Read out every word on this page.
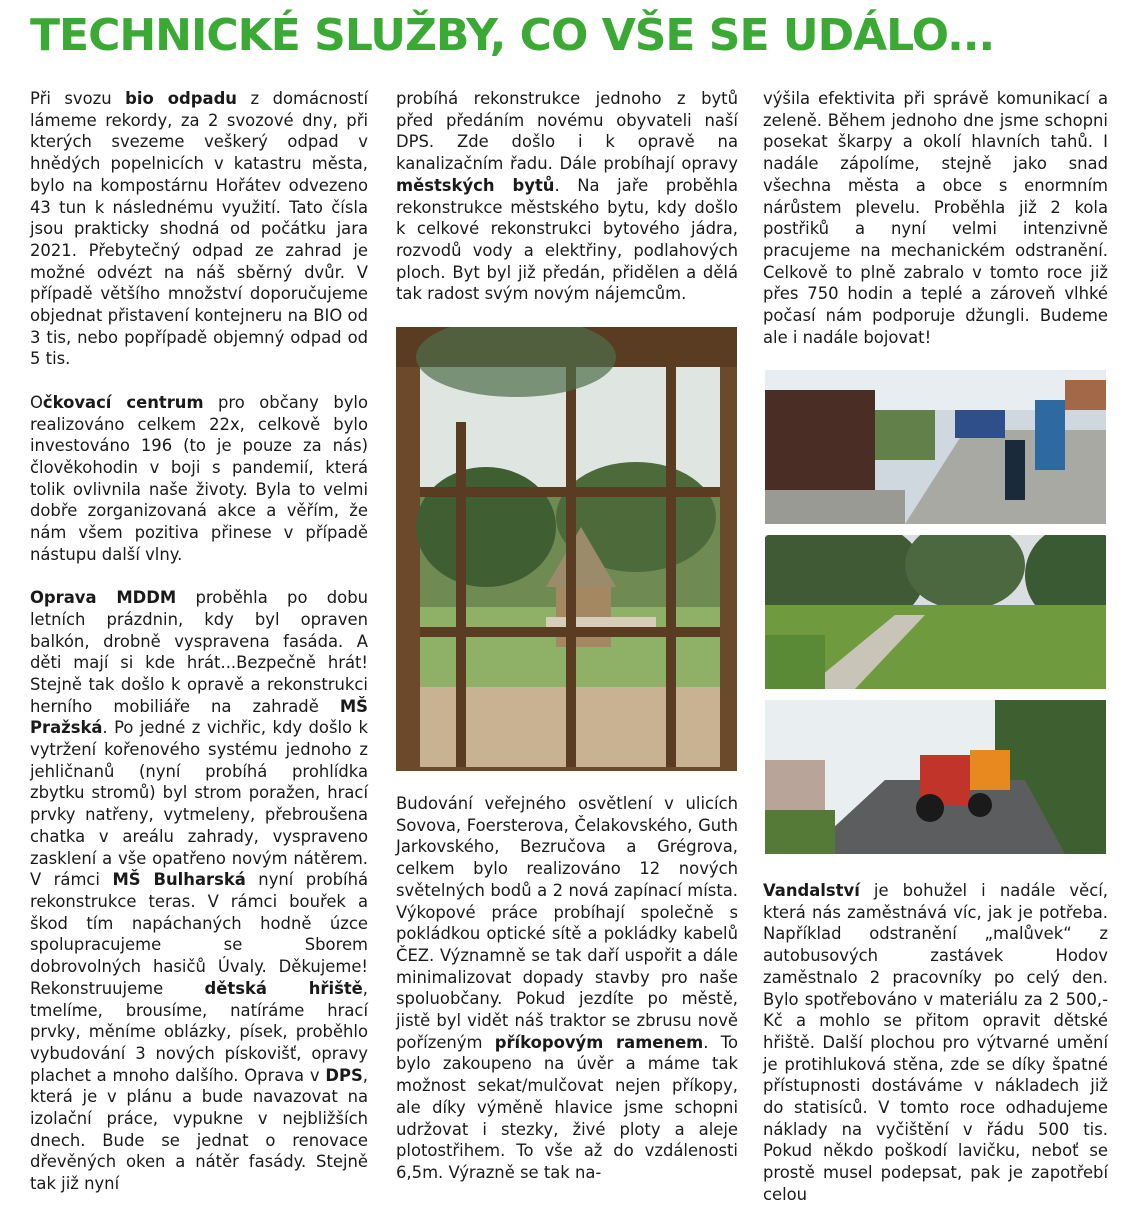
TECHNICKÉ SLUŽBY, CO VŠE SE UDÁLO...

Při svozu bio odpadu z domácností lámeme rekordy, za 2 svozové dny, při kterých svezeme veškerý odpad v hnědých popelnicích v katastru města, bylo na kompostárnu Hořátev odvezeno 43 tun k následnému využití. Tato čísla jsou prakticky shodná od počátku jara 2021. Přebytečný odpad ze zahrad je možné odvézt na náš sběrný dvůr. V případě většího množství doporučujeme objednat přistavení kontejneru na BIO od 3 tis, nebo popřípadě objemný odpad od 5 tis.

Očkovací centrum pro občany bylo realizováno celkem 22x, celkově bylo investováno 196 (to je pouze za nás) člověkohodin v boji s pandemií, která tolik ovlivnila naše životy. Byla to velmi dobře zorganizovaná akce a věřím, že nám všem pozitiva přinese v případě nástupu další vlny.

Oprava MDDM proběhla po dobu letních prázdnin, kdy byl opraven balkón, drobně vyspravena fasáda. A děti mají si kde hrát...Bezpečně hrát! Stejně tak došlo k opravě a rekonstrukci herního mobiliáře na zahradě MŠ Pražská. Po jedné z vichřic, kdy došlo k vytržení kořenového systému jednoho z jehličnanů (nyní probíhá prohlídka zbytku stromů) byl strom poražen, hrací prvky natřeny, vytmeleny, přebroušena chatka v areálu zahrady, vyspraveno zasklení a vše opatřeno novým nátěrem. V rámci MŠ Bulharská nyní probíhá rekonstrukce teras. V rámci bouřek a škod tím napáchaných hodně úzce spolupracujeme se Sborem dobrovolných hasičů Úvaly. Děkujeme! Rekonstruujeme dětská hřiště, tmelíme, brousíme, natíráme hrací prvky, měníme oblázky, písek, proběhlo vybudování 3 nových pískovišť, opravy plachet a mnoho dalšího. Oprava v DPS, která je v plánu a bude navazovat na izolační práce, vypukne v nejbližších dnech. Bude se jednat o renovace dřevěných oken a nátěr fasády. Stejně tak již nyní

probíhá rekonstrukce jednoho z bytů před předáním novému obyvateli naší DPS. Zde došlo i k opravě na kanalizačním řadu. Dále probíhají opravy městských bytů. Na jaře proběhla rekonstrukce městského bytu, kdy došlo k celkové rekonstrukci bytového jádra, rozvodů vody a elektřiny, podlahových ploch. Byt byl již předán, přidělen a dělá tak radost svým novým nájemcům.

Budování veřejného osvětlení v ulicích Sovova, Foersterova, Čelakovského, Guth Jarkovského, Bezručova a Grégrova, celkem bylo realizováno 12 nových světelných bodů a 2 nová zapínací místa. Výkopové práce probíhají společně s pokládkou optické sítě a pokládky kabelů ČEZ. Významně se tak daří uspořit a dále minimalizovat dopady stavby pro naše spoluobčany. Pokud jezdíte po městě, jistě byl vidět náš traktor se zbrusu nově pořízeným příkopovým ramenem. To bylo zakoupeno na úvěr a máme tak možnost sekat/mulčovat nejen příkopy, ale díky výměně hlavice jsme schopni udržovat i stezky, živé ploty a aleje plotostřihem. To vše až do vzdálenosti 6,5m. Výrazně se tak na-

výšila efektivita při správě komunikací a zeleně. Během jednoho dne jsme schopni posekat škarpy a okolí hlavních tahů. I nadále zápolíme, stejně jako snad všechna města a obce s enormním nárůstem plevelu. Proběhla již 2 kola postřiků a nyní velmi intenzivně pracujeme na mechanickém odstranění. Celkově to plně zabralo v tomto roce již přes 750 hodin a teplé a zároveň vlhké počasí nám podporuje džungli. Budeme ale i nadále bojovat!

Vandalství je bohužel i nadále věcí, která nás zaměstnává víc, jak je potřeba. Například odstranění „malůvek“ z autobusových zastávek Hodov zaměstnalo 2 pracovníky po celý den. Bylo spotřebováno v materiálu za 2 500,-Kč a mohlo se přitom opravit dětské hřiště. Další plochou pro výtvarné umění je protihluková stěna, zde se díky špatné přístupnosti dostáváme v nákladech již do statisíců. V tomto roce odhadujeme náklady na vyčištění v řádu 500 tis. Pokud někdo poškodí lavičku, neboť se prostě musel podepsat, pak je zapotřebí celou
